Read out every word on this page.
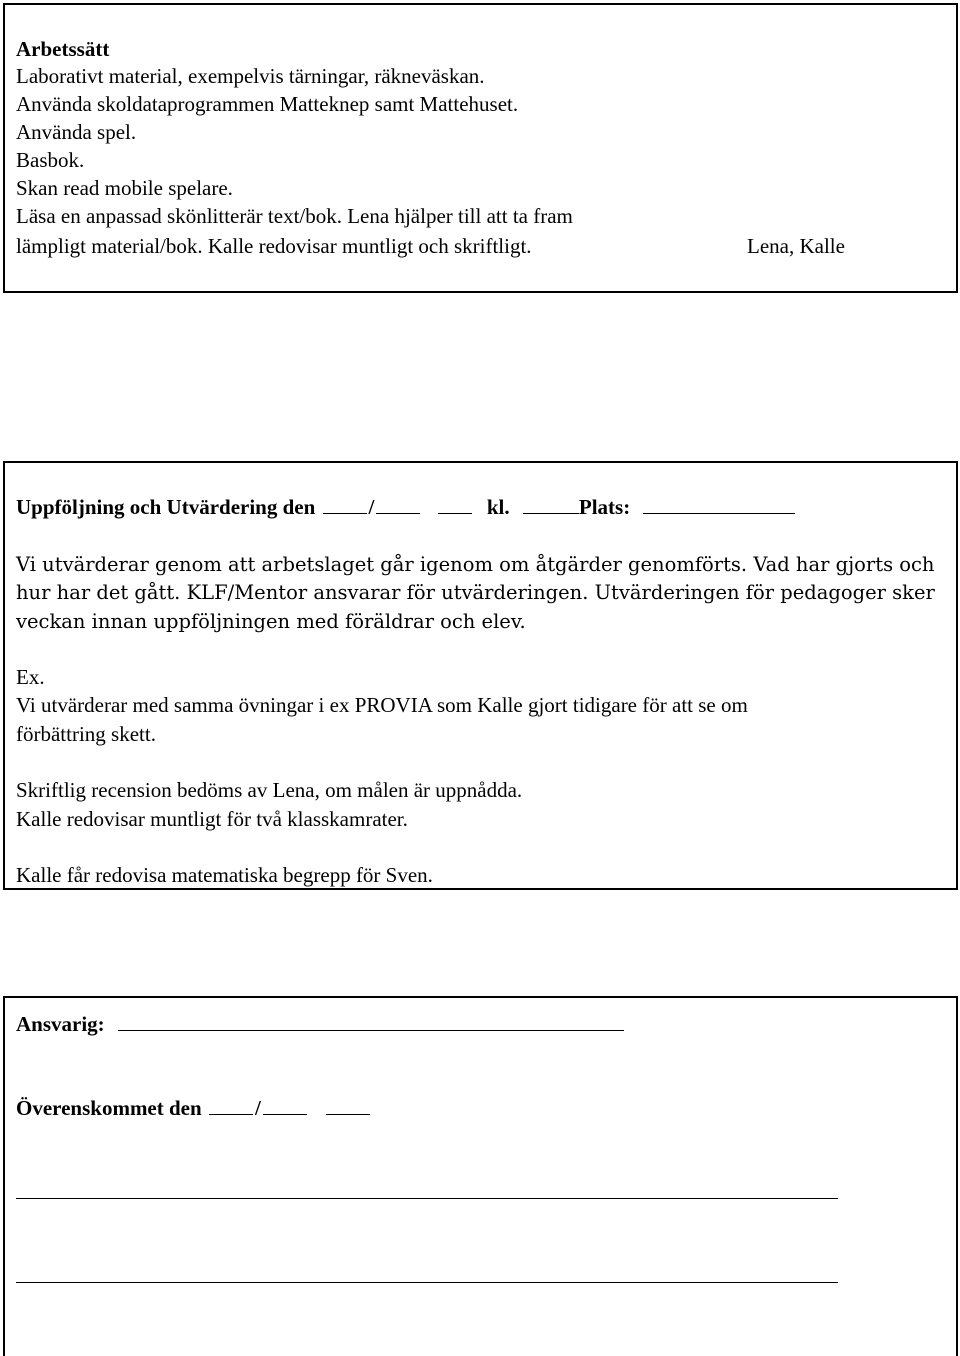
Arbetssätt
Laborativt material, exempelvis tärningar, räkneväskan.
Använda skoldataprogrammen Matteknep samt Mattehuset.
Använda spel.
Basbok.
Skan read mobile spelare.
Läsa en anpassad skönlitterär text/bok. Lena hjälper till att ta fram
lämpligt material/bok. Kalle redovisar muntligt och skriftligt.	Lena, Kalle
Uppföljning och Utvärdering den	/	kl.	Plats:
Vi utvärderar genom att arbetslaget går igenom om åtgärder genomförts. Vad har gjorts och
hur har det gått. KLF/Mentor ansvarar för utvärderingen. Utvärderingen för pedagoger sker
veckan innan uppföljningen med föräldrar och elev.
Ex.
Vi utvärderar med samma övningar i ex PROVIA som Kalle gjort tidigare för att se om
förbättring skett.
Skriftlig recension bedöms av Lena, om målen är uppnådda.
Kalle redovisar muntligt för två klasskamrater.
Kalle får redovisa matematiska begrepp för Sven.
Ansvarig:
Överenskommet den	/
